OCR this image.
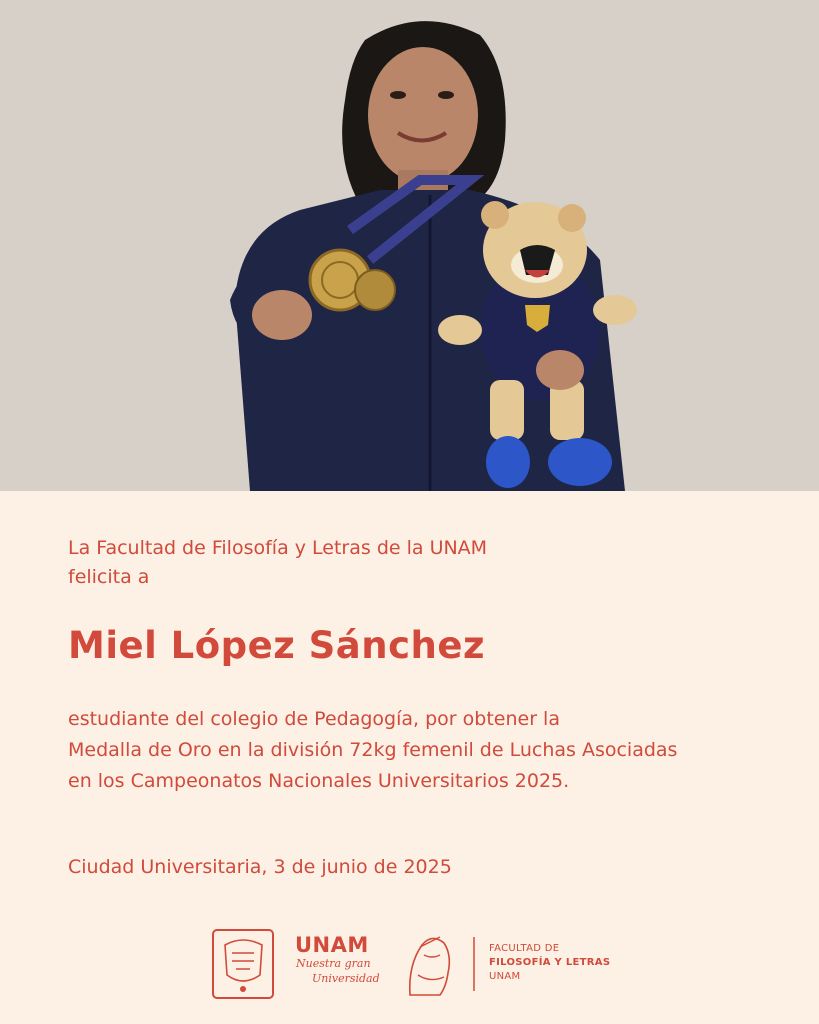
La Facultad de Filosofía y Letras de la UNAM
felicita a
Miel López Sánchez
estudiante del colegio de Pedagogía, por obtener la
Medalla de Oro en la división 72kg femenil de Luchas Asociadas
en los Campeonatos Nacionales Universitarios 2025.
Ciudad Universitaria, 3 de junio de 2025
UNAM
Nuestra gran
Universidad
FACULTAD DE
FILOSOFÍA Y LETRAS
UNAM
